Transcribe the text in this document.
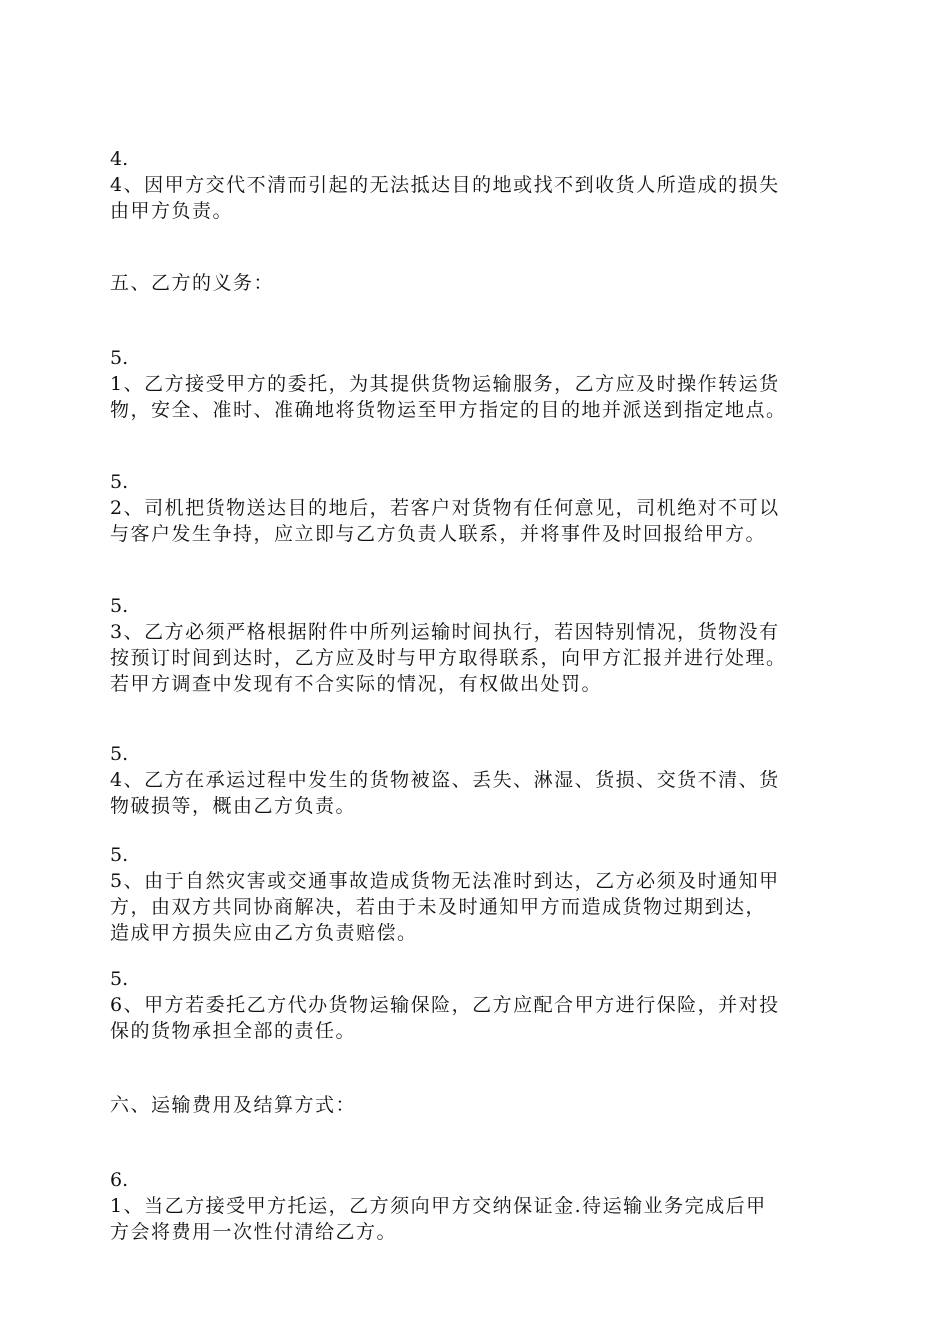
4.
4、因甲方交代不清而引起的无法抵达目的地或找不到收货人所造成的损失
由甲方负责。
五、乙方的义务：
5.
1、乙方接受甲方的委托，为其提供货物运输服务，乙方应及时操作转运货
物，安全、准时、准确地将货物运至甲方指定的目的地并派送到指定地点。
5.
2、司机把货物送达目的地后，若客户对货物有任何意见，司机绝对不可以
与客户发生争持，应立即与乙方负责人联系，并将事件及时回报给甲方。
5.
3、乙方必须严格根据附件中所列运输时间执行，若因特别情况，货物没有
按预订时间到达时，乙方应及时与甲方取得联系，向甲方汇报并进行处理。
若甲方调查中发现有不合实际的情况，有权做出处罚。
5.
4、乙方在承运过程中发生的货物被盗、丢失、淋湿、货损、交货不清、货
物破损等，概由乙方负责。
5.
5、由于自然灾害或交通事故造成货物无法准时到达，乙方必须及时通知甲
方，由双方共同协商解决，若由于未及时通知甲方而造成货物过期到达，
造成甲方损失应由乙方负责赔偿。
5.
6、甲方若委托乙方代办货物运输保险，乙方应配合甲方进行保险，并对投
保的货物承担全部的责任。
六、运输费用及结算方式：
6.
1、当乙方接受甲方托运，乙方须向甲方交纳保证金.待运输业务完成后甲
方会将费用一次性付清给乙方。
